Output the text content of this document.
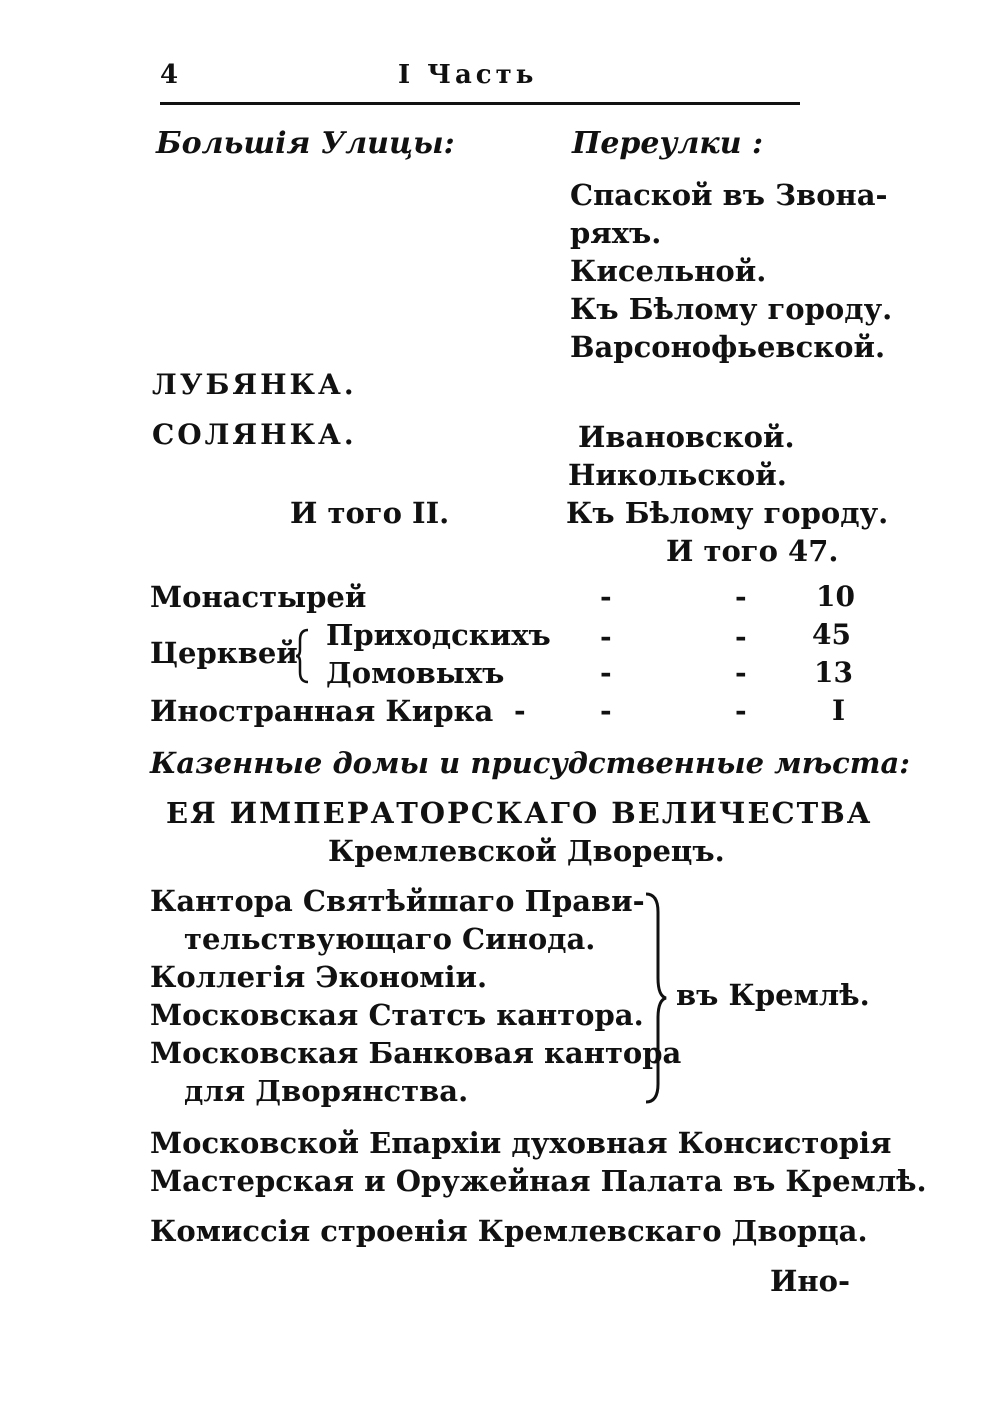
4	I Часть
Большія Улицы:	Переулки :
Спаской въ Звона-
ряхъ.
Кисельной.
Къ Бѣлому городу.
Варсонофьевской.
ЛУБЯНКА.
СОЛЯНКА.	Ивановской.
Никольской.
Къ Бѣлому городу.
И того II.
И того 47.
Монастырей	-	- 10
Церквей
Приходскихъ -	- 45
Домовыхъ	-	- 13
Иностранная Кирка -	-	-	I
Казенные домы и присудственные мѣста:
ЕЯ ИМПЕРАТОРСКАГО ВЕЛИЧЕСТВА
Кремлевской Дворецъ.
Кантора Святѣйшаго Прави-
тельствующаго Синода.
Коллегія Экономіи.
Московская Статсъ кантора.
Московская Банковая кантора
для Дворянства.
въ Кремлѣ.
Московской Епархіи духовная Консисторія
Мастерская и Оружейная Палата въ Кремлѣ.
Комиссія строенія Кремлевскаго Дворца.
Ино-
